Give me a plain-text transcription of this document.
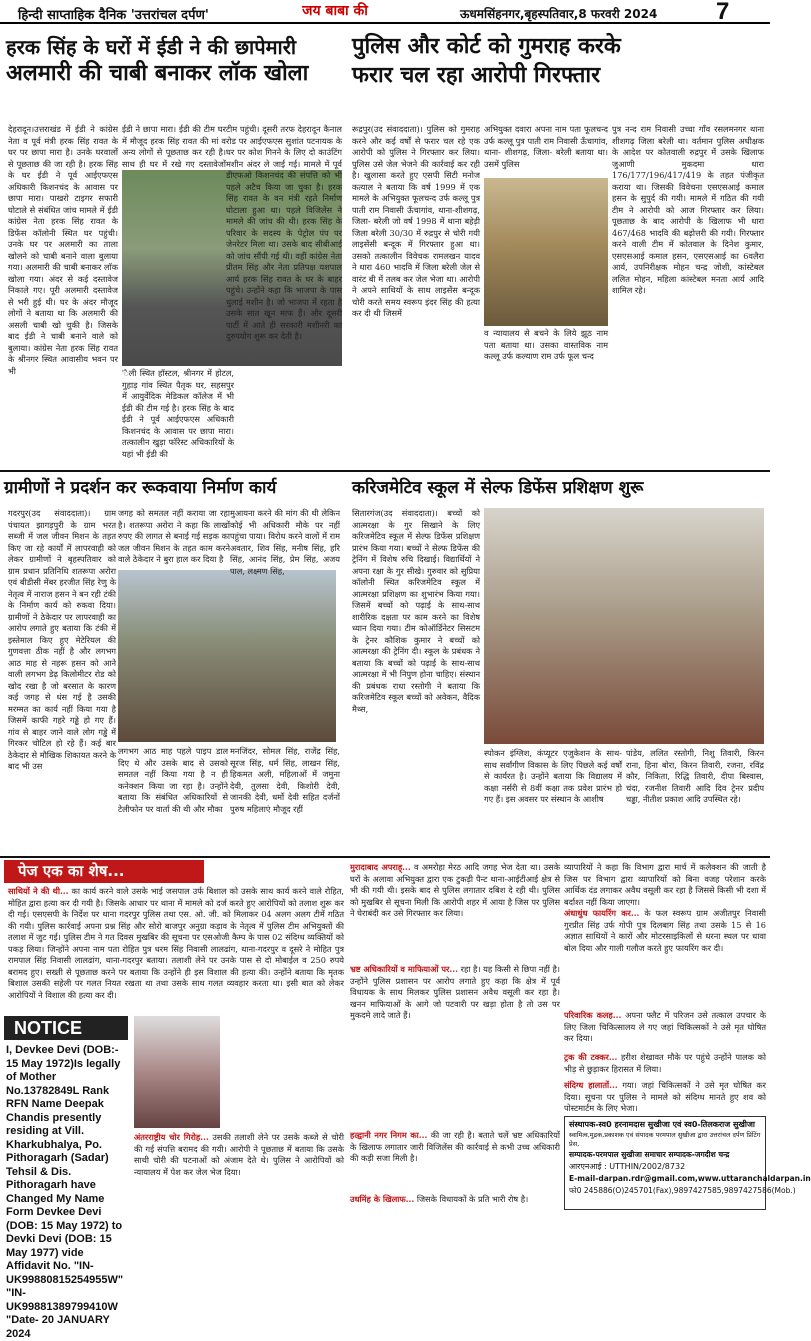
हिन्दी साप्ताहिक दैनिक 'उत्तरांचल दर्पण'	जय बाबा की	ऊधमसिंहनगर,बृहस्पतिवार,8 फरवरी 2024 7
हरक सिंह के घरों में ईडी ने की छापेमारी
अलमारी की चाबी बनाकर लॉक खोला
पुलिस और कोर्ट को गुमराह करके
फरार चल रहा आरोपी गिरफ्तार
देहरादून।उत्तराखंड में ईडी ने कांग्रेस नेता व पूर्व मंत्री हरक सिंह रावत के घर पर छापा मारा है। उनके घरवालों से पूछताछ की जा रही है। हरक सिंह के घर ईडी ने पूर्व आईएफएस अधिकारी किशनचंद के आवास पर छापा मारा। पाखरो टाइगर सफारी घोटाले से संबंधित जांच मामले में ईडी कांग्रेस नेता हरक सिंह रावत के डिफेंस कॉलोनी स्थित घर पहुंची। उनके घर पर अलमारी का ताला खोलने को चाबी बनाने वाला बुलाया गया। अलमारी की चाबी बनाकर लॉक खोला गया। अंदर से कई दस्तावेज निकाले गए। पूरी अलमारी दस्तावेज से भरी हुई थी। घर के अंदर मौजूद लोगों ने बताया था कि अलमारी की असली चाबी खो चुकी है। जिसके बाद ईडी ने चाबी बनाने वाले को बुलाया। कांग्रेस नेता हरक सिंह रावत के श्रीनगर स्थित आवासीय भवन पर भी
ईडी ने छापा मारा। ईडी की टीम घर में मौजूद हरक सिंह रावत की मां व अन्य लोगों से पूछताछ कर रही है। साथ ही घर में रखे गए दस्तावेजों
टीम पहुंची। दूसरी तरफ देहरादून कैनाल रोड पर आईएफएस सुशांत पटनायक के घर पर कोश गिनने के लिए दो काउंटिंग मशीन अंदर ले जाई गई। मामले में पूर्व डीएफओ किशनचंद की संपत्ति को भी पहले अटैच किया जा चुका है। हरक सिंह रावत के वन मंत्री रहते निर्माण घोटाला हुआ था। पहले विजिलेंस ने मामले की जांच की थी। हरक सिंह के परिवार के सदस्य के पेट्रोल पंप पर जेनरेटर मिला था। उसके बाद सीबीआई को जांच सौंपी गई थी। वहीं कांग्रेस नेता प्रीतम सिंह और नेता प्रतिपक्ष यशपाल आर्य हरक सिंह रावत के घर के बाहर पहुंचे। उन्होंने कहा कि भाजपा के पास धुलाई मशीन है। जो भाजपा में रहता है उसके सात खून माफ हैं। और दूसरी पार्टी में आते ही सरकारी मशीनरी का दुरुपयोग शुरू कर देती है।
'ैली स्थित हॉस्टल, श्रीनगर में होटल, गुहाड़ गांव स्थित पैतृक घर, सहसपुर में आयुर्वेदिक मेडिकल कॉलेज में भी ईडी की टीम गई है। हरक सिंह के बाद ईडी ने पूर्व आईएफएस अधिकारी किशनचंद के आवास पर छापा मारा। तत्कालीन खुड़ा फॉरेस्ट अधिकारियों के यहां भी ईडी की
रूद्रपुर(उद संवाददाता)। पुलिस को गुमराह करने और कई वर्षों से फरार चल रहे एक आरोपी को पुलिस ने गिरफ्तार कर लिया। पुलिस उसे जेल भेजने की कार्रवाई कर रही है। खुलासा करते हुए एसपी सिटी मनोज कत्याल ने बताया कि वर्ष 1999 में एक मामले के अभियुक्त फूलचन्द उर्फ कल्लू पुत्र पाती राम निवासी ऊँचागांव, थाना-शीशगढ़, जिला- बरेली जो वर्ष 1998 में थाना बहेड़ी जिला बरेली 30/30 में रुद्रपुर से चोरी गयी लाइसेंसी बन्दूक में गिरफ्तार हुआ था। उसको तत्कालीन विवेचक रामलखन यादव ने धारा 460 भादवि में जिला बरेली जेल से वारंट बी में तलब कर जेल भेजा था। आरोपी ने अपने साथियों के साथ लाइसेंस बन्दूक चोरी करते समय स्वरूप इंदर सिंह की हत्या कर दी थी जिसमें
अभियुक्त दवारा अपना नाम पता फूलचन्द उर्फ कल्लू पुत्र पाती राम निवासी ऊँचागांव, थाना- शीशगढ़, जिला- बरेली बताया था। उसमें पुलिस
व न्यायालय से बचने के लिये झूठ नाम पता बताया था। उसका वास्तविक नाम कल्लू उर्फ कल्याण राम उर्फ फूल चन्द
पुत्र नन्द राम निवासी उच्चा गाँव रसलमनगर थाना शीशगढ़ जिला बरेली था। वर्तमान पुलिस अधीक्षक के आदेश पर कोतवाली रुद्रपुर में उसके खिलाफ जुआणी मुकदमा धारा 176/177/196/417/419 के तहत पंजीकृत कराया था। जिसकी विवेचना एसएसआई कमाल हसन के सुपुर्द की गयी। मामले में गठित की गयी टीम ने आरोपी को आज गिरफ्तार कर लिया। पूछताछ के बाद आरोपी के खिलाफ भी धारा 467/468 भादवि की बढ़ोत्तरी की गयी। गिरफ्तार करने वाली टीम में कोतवाल के दिनेश कुमार, एसएसआई कमाल हसन, एसएसआई का 6वलैरा आर्य, उपनिरीक्षक मोहन चन्द्र जोशी, कांस्टेबल ललित मोहन, महिला कांस्टेबल मनता आर्य आदि शामिल रहे।
ग्रामीणों ने प्रदर्शन कर रूकवाया निर्माण कार्य
गदरपुर(उद संवाददाता)। ग्राम पंचायत झागड़पुरी के ग्राम भरत सब्जी में जल जीवन मिशन के तहत किए जा रहे कार्यों में लापरवाही को लेकर ग्रामीणों ने बृहस्पतिवार को ग्राम प्रधान प्रतिनिधि शतरूपा अरोरा एवं बीडीसी मेंबर हरजीत सिंह रेणु के नेतृत्व में नाराज हसन ने बन रही टंकी के निर्माण कार्य को रुकवा दिया। ग्रामीणों ने ठेकेदार पर लापरवाही का आरोप लगाते हुए बताया कि टंकी में इस्तेमाल किए हुए मेटेरियल की गुणवत्ता ठीक नहीं है और लगभग आठ माह से नहरू हसन को आने वाली लगभग डेढ़ किलोमीटर रोड को खोद रखा है जो बरसात के कारण कई जगह से धंस गई है उसकी मरम्मत का कार्य नहीं किया गया है जिसमें काफी गहरे गड्ढे हो गए हैं। गांव से बाहर जाने वाले लोग गड्ढे में गिरकर चोटिल हो रहे हैं। कई बार ठेकेदार से मौखिक शिकायत करने के बाद भी उस
जगह को समतल नहीं कराया जा रहा है। शतरूपा अरोरा ने कहा कि लाखों रुपए की लागत से बनाई गई सड़क का जल जीवन मिशन के तहत काम करने वाले ठेकेदार ने बुरा हाल कर दिया है
मुआयना करने की मांग की थी लेकिन कोई भी अधिकारी मौके पर नहीं पहुंचा पाया। विरोध करने वालों में राम अवतार, शिव सिंह, मनीष सिंह, हरि सिंह, आनंद सिंह, प्रेम सिंह, अजय पाल, लक्ष्मण सिंह,
लगभग आठ माह पहले पाइप डाल दिए थे और उसके बाद से उसको समतल नहीं किया गया है न ही कनेक्शन किया जा रहा है। उन्होंने बताया कि संबंधित अधिकारियों से टेलीफोन पर वार्ता की थी और मौका
मनजिंदर, सोमल सिंह, राजेंद्र सिंह, सूरज सिंह, धर्म सिंह, लाखन सिंह, हिकमत अली, महिलाओं में जमुना देवी, तुलसा देवी, किशोरी देवी, जानकी देवी, धर्मो देवी सहित दर्जनों पुरुष महिलाएं मौजूद रहीं
करिजमेटिव स्कूल में सेल्फ डिफेंस प्रशिक्षण शुरू
सितारगंज(उद संवाददाता)। बच्चों को आत्मरक्षा के गुर सिखाने के लिए करिजमेटिव स्कूल में सेल्फ डिफेंस प्रशिक्षण प्रारंभ किया गया। बच्चों ने सेल्फ डिफेंस की ट्रेनिंग में विशेष रुचि दिखाई। विद्यार्थियों ने अपना रक्षा के गुर सीखे। गुरुवार को सुप्रिया कॉलोनी स्थित करिजमेटिव स्कूल में आत्मरक्षा प्रशिक्षण का शुभारंभ किया गया। जिसमें बच्चों को पढ़ाई के साथ-साथ शारीरिक दक्षता पर काम करने का विशेष ध्यान दिया गया। टीम कोऑर्डिनेटर सिसटम के ट्रेनर कौशिक कुमार ने बच्चों को आत्मरक्षा की ट्रेनिंग दी। स्कूल के प्रबंधक ने बताया कि बच्चों को पढ़ाई के साथ-साथ आत्मरक्षा में भी निपुण होना चाहिए। संस्थान की प्रबंधक राधा रस्तोगी ने बताया कि करिजमेटिव स्कूल बच्चों को अवेकन, वैदिक मैथ्स,
स्पोकन इंग्लिश, कंप्यूटर एजुकेशन के साथ-साथ सर्वांगीण विकास के लिए पिछले कई वर्षों से कार्यरत है। उन्होंने बताया कि विद्यालय में कक्षा नर्सरी से 8वीं कक्षा तक प्रवेश प्रारंभ हो गए हैं। इस अवसर पर संस्थान के आशीष
पांडेय, ललित रस्तोगी, निशु तिवारी, किरन राना, हिना बोरा, किरन तिवारी, रजना, रविंद्र कौर, निकिता, रिद्धि तिवारी, दीपा बिस्वास, चंदा, रजनीश तिवारी आदि दिव ट्रेनर प्रदीप चड्ढा, नीतीश प्रकाश आदि उपस्थित रहे।
पेज एक का शेष...
साथियों ने की थी... का कार्य करने वाले उसके भाई जसपाल उर्फ बिशाल को उसके साथ कार्य करने वाले रोहित, मोहित द्वारा हत्या कर दी गयी है। जिसके आधार पर थाना में मामले को दर्ज करते हुए आरोपियों को तलाश शुरू कर दी गई। एसएसपी के निर्देश पर थाना गदरपुर पुलिस तथा एस. ओ. जी. को मिलाकर 04 अलग अलग टीमें गठित की गयी। पुलिस कार्रवाई अपना प्रश्न सिंह और सोरो बाजपुर अनुग्रा कड़ाव के नेतृत्व में पुलिस टीम अभियुक्तों की तलाश में जुट गई। पुलिस टीम ने गत दिवस मुखबिर की सूचना पर एसओजी कैम्प के पास 02 संदिग्ध व्यक्तियों को पकड़ लिया। जिन्होंने अपना नाम पता रोहित पुत्र धरम सिंह निवासी लालढांग, थाना-गदरपुर व दूसरे ने मोहित पुत्र रामपाल सिंह निवासी लालढांग, थाना-गदरपुर बताया। तलाशी लेने पर उनके पास से दो मोबाईल व 250 रुपये बरामद हुए। सख्ती से पूछताछ करने पर बताया कि उन्होंने ही इस विशाल की हत्या की। उन्होंने बताया कि मृतक बिशाल उसकी सहेली पर गलत नियत रखता था तथा उसके साथ गलत व्यवहार करता था। इसी बात को लेकर आरोपियों ने विशाल की हत्या कर दी।
NOTICE
I, Devkee Devi (DOB:- 15 May 1972)Is legally of Mother No.13782849L Rank RFN Name Deepak Chandis presently residing at Vill. Kharkubhalya, Po. Pithoragarh (Sadar) Tehsil & Dis. Pithoragarh have Changed My Name Form Devkee Devi (DOB: 15 May 1972) to Devki Devi (DOB: 15 May 1977) vide Affidavit No. "IN-UK99880815254955W" "IN-UK99881389799410W "Date- 20 JANUARY 2024
अंतरराष्ट्रीय चोर गिरोह... उसकी तलाशी लेने पर उसके कब्जे से चोरी की गई संपत्ति बरामद की गयी। आरोपी ने पूछताछ में बताया कि उसके साथी चोरी की घटनाओं को अंजाम देते थे। पुलिस ने आरोपियों को न्यायालय में पेश कर जेल भेज दिया।
मुरादाबाद अपराह्... व अमरोहा मेरठ आदि जगह भेज देता था। उसके घरों के अलावा अभियुक्त द्वारा एक टुकड़ी पैन्ट थाना-आईटीआई क्षेत्र से भी की गयी थी। इसके बाद से पुलिस लगातार दबिश दे रही थी। पुलिस को मुखबिर से सूचना मिली कि आरोपी शहर में आया है जिस पर पुलिस ने घेराबंदी कर उसे गिरफ्तार कर लिया।
भ्रष्ट अधिकारियों व माफियाओं पर... रहा है। यह किसी से छिपा नहीं है। उन्होंने पुलिस प्रशासन पर आरोप लगाते हुए कहा कि क्षेत्र में पूर्व विधायक के साथ मिलकर पुलिस प्रशासन अवैध वसूली कर रहा है। खनन माफियाओं के आगे जो पटवारी पर खड़ा होता है तो उस पर मुकदमे लादे जाते हैं।
हल्द्वानी नगर निगम का... की जा रही है। बताते चलें भ्रष्ट अधिकारियों के खिलाफ लगातार जारी विजिलेंस की कार्रवाई से कभी उच्च अधिकारी की कड़ी सजा मिली है।
उधमिंह के खिलाफ... जिसके विधायकों के प्रति भारी रोष है।
व्यापारियों ने कहा कि विभाग द्वारा मार्च में कलेक्शन की जाती है जिस पर विभाग द्वारा व्यापारियों को बिना वजह परेशान करके आर्थिक दंड लगाकर अवैध वसूली कर रहा है जिससे किसी भी दशा में बर्दाश्त नहीं किया जाएगा।
अंधाधुंध फायरिंग कर... के फल स्वरूप ग्राम अजीतपुर निवासी गुरप्रीत सिंह उर्फ गोपी पुत्र दिलबाग सिंह तथा उसके 15 से 16 अज्ञात साथियों ने कारों और मोटरसाइकिलों से धरना स्थल पर धावा बोल दिया और गाली गलौज करते हुए फायरिंग कर दी।
परिवारिक कलह... अपना फ्लैट में परिजन उसे तत्काल उपचार के लिए जिला चिकित्सालय ले गए जहां चिकित्सकों ने उसे मृत घोषित कर दिया।
ट्रक की टक्कर... हरीश शेखावत मौके पर पहुंचे उन्होंने पालक को भीड़ से छुड़ाकर हिरासत में लिया।
संदिग्ध हालातों... गया। जहां चिकित्सकों ने उसे मृत घोषित कर दिया। सूचना पर पुलिस ने मामले को संदिग्ध मानते हुए शव को पोस्टमार्टम के लिए भेजा।
संस्थापक-स्व0 हरनामदास सुखीजा एवं स्व0-तिलकराज सुखीजा
स्वामित्व,मुद्रक,प्रकाशक एवं संपादक परमपाल सुखीजा द्वारा उत्तरांचल दर्पण प्रिंटिंग प्रेस,
सम्पादक-परमपाल सुखीजा समाचार सम्पादक-जगदीश चन्द्र
आरएनआई : UTTHIN/2002/8732
E-mail-darpan.rdr@gmail.com,www.uttaranchaldarpan.in
फो0 245886(O)245701(Fax),9897427585,9897427586(Mob.)
